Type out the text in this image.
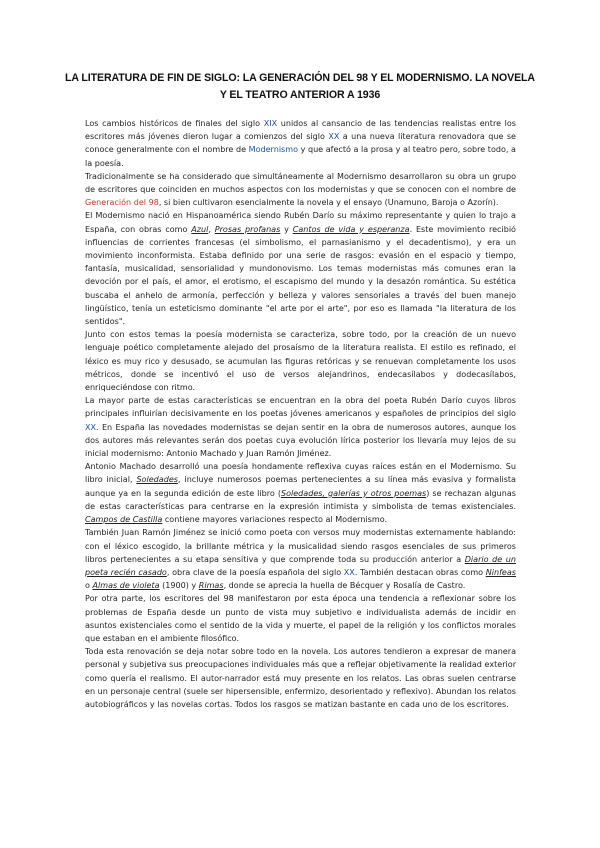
LA LITERATURA DE FIN DE SIGLO: LA GENERACIÓN DEL 98 Y EL MODERNISMO. LA NOVELA Y EL TEATRO ANTERIOR A 1936

Los cambios históricos de finales del siglo XIX unidos al cansancio de las tendencias realistas entre los escritores más jóvenes dieron lugar a comienzos del siglo XX a una nueva literatura renovadora que se conoce generalmente con el nombre de Modernismo y que afectó a la prosa y al teatro pero, sobre todo, a la poesía.

Tradicionalmente se ha considerado que simultáneamente al Modernismo desarrollaron su obra un grupo de escritores que coinciden en muchos aspectos con los modernistas y que se conocen con el nombre de Generación del 98, si bien cultivaron esencialmente la novela y el ensayo (Unamuno, Baroja o Azorín).

El Modernismo nació en Hispanoamérica siendo Rubén Darío su máximo representante y quien lo trajo a España, con obras como Azul, Prosas profanas y Cantos de vida y esperanza. Este movimiento recibió influencias de corrientes francesas (el simbolismo, el parnasianismo y el decadentismo), y era un movimiento inconformista. Estaba definido por una serie de rasgos: evasión en el espacio y tiempo, fantasía, musicalidad, sensorialidad y mundonovismo. Los temas modernistas más comunes eran la devoción por el país, el amor, el erotismo, el escapismo del mundo y la desazón romántica. Su estética buscaba el anhelo de armonía, perfección y belleza y valores sensoriales a través del buen manejo lingüístico, tenía un esteticismo dominante "el arte por el arte", por eso es llamada "la literatura de los sentidos".

Junto con estos temas la poesía modernista se caracteriza, sobre todo, por la creación de un nuevo lenguaje poético completamente alejado del prosaísmo de la literatura realista. El estilo es refinado, el léxico es muy rico y desusado, se acumulan las figuras retóricas y se renuevan completamente los usos métricos, donde se incentivó el uso de versos alejandrinos, endecasílabos y dodecasílabos, enriqueciéndose con ritmo.

La mayor parte de estas características se encuentran en la obra del poeta Rubén Darío cuyos libros principales influirían decisivamente en los poetas jóvenes americanos y españoles de principios del siglo XX. En España las novedades modernistas se dejan sentir en la obra de numerosos autores, aunque los dos autores más relevantes serán dos poetas cuya evolución lírica posterior los llevaría muy lejos de su inicial modernismo: Antonio Machado y Juan Ramón Jiménez.

Antonio Machado desarrolló una poesía hondamente reflexiva cuyas raíces están en el Modernismo. Su libro inicial, Soledades, incluye numerosos poemas pertenecientes a su línea más evasiva y formalista aunque ya en la segunda edición de este libro (Soledades, galerías y otros poemas) se rechazan algunas de estas características para centrarse en la expresión intimista y simbolista de temas existenciales. Campos de Castilla contiene mayores variaciones respecto al Modernismo.

También Juan Ramón Jiménez se inició como poeta con versos muy modernistas externamente hablando: con el léxico escogido, la brillante métrica y la musicalidad siendo rasgos esenciales de sus primeros libros pertenecientes a su etapa sensitiva y que comprende toda su producción anterior a Diario de un poeta recién casado, obra clave de la poesía española del siglo XX. También destacan obras como Ninfeas o Almas de violeta (1900) y Rimas, donde se aprecia la huella de Bécquer y Rosalía de Castro.

Por otra parte, los escritores del 98 manifestaron por esta época una tendencia a reflexionar sobre los problemas de España desde un punto de vista muy subjetivo e individualista además de incidir en asuntos existenciales como el sentido de la vida y muerte, el papel de la religión y los conflictos morales que estaban en el ambiente filosófico.

Toda esta renovación se deja notar sobre todo en la novela. Los autores tendieron a expresar de manera personal y subjetiva sus preocupaciones individuales más que a reflejar objetivamente la realidad exterior como quería el realismo. El autor-narrador está muy presente en los relatos. Las obras suelen centrarse en un personaje central (suele ser hipersensible, enfermizo, desorientado y reflexivo). Abundan los relatos autobiográficos y las novelas cortas. Todos los rasgos se matizan bastante en cada uno de los escritores.
